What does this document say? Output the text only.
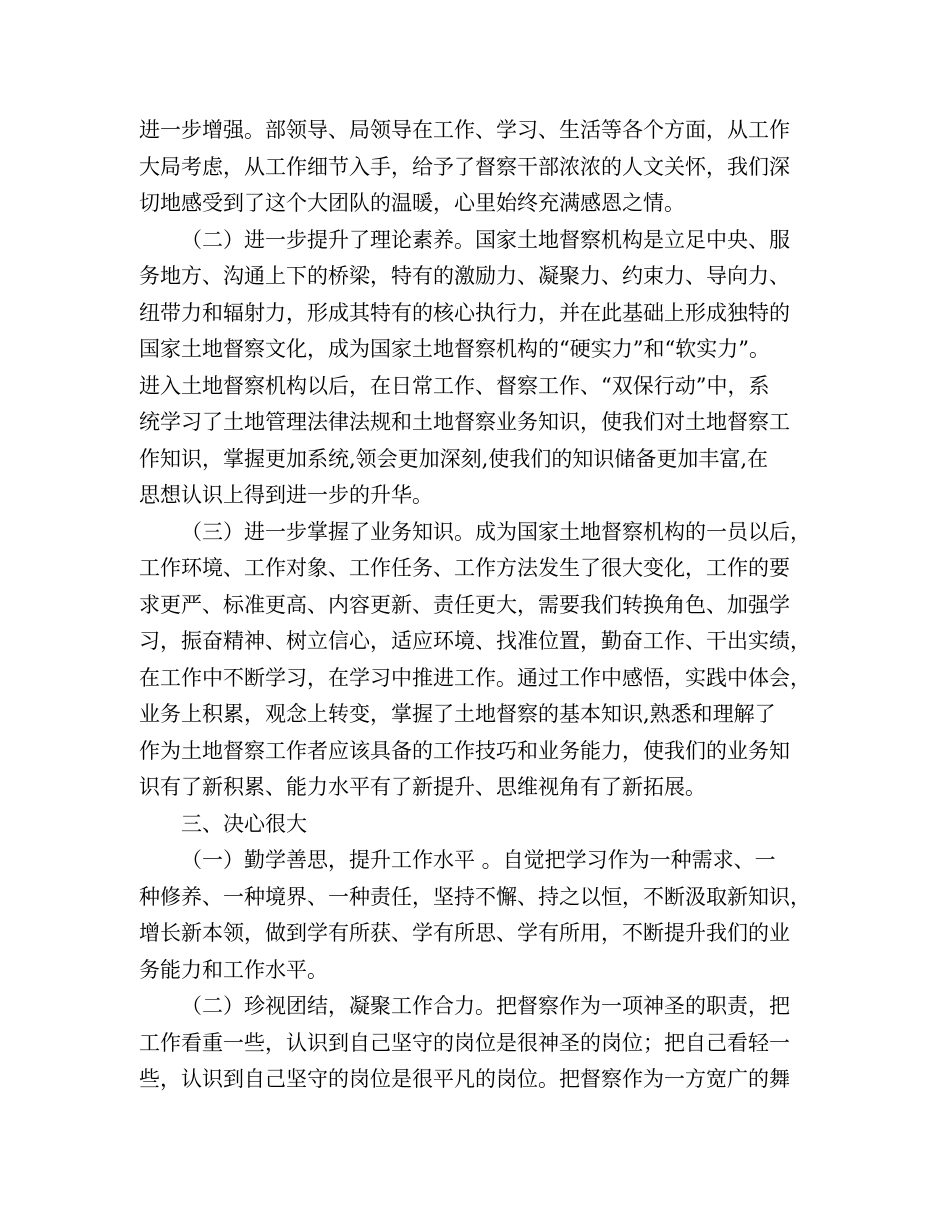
进一步增强。部领导、局领导在工作、学习、生活等各个方面，从工作
大局考虑，从工作细节入手，给予了督察干部浓浓的人文关怀，我们深
切地感受到了这个大团队的温暖，心里始终充满感恩之情。
（二）进一步提升了理论素养。国家土地督察机构是立足中央、服
务地方、沟通上下的桥梁，特有的激励力、凝聚力、约束力、导向力、
纽带力和辐射力，形成其特有的核心执行力，并在此基础上形成独特的
国家土地督察文化，成为国家土地督察机构的“硬实力”和“软实力”。
进入土地督察机构以后，在日常工作、督察工作、“双保行动”中，系
统学习了土地管理法律法规和土地督察业务知识，使我们对土地督察工
作知识，掌握更加系统,领会更加深刻,使我们的知识储备更加丰富,在
思想认识上得到进一步的升华。
（三）进一步掌握了业务知识。成为国家土地督察机构的一员以后，
工作环境、工作对象、工作任务、工作方法发生了很大变化，工作的要
求更严、标准更高、内容更新、责任更大，需要我们转换角色、加强学
习，振奋精神、树立信心，适应环境、找准位置，勤奋工作、干出实绩，
在工作中不断学习，在学习中推进工作。通过工作中感悟，实践中体会，
业务上积累，观念上转变，掌握了土地督察的基本知识,熟悉和理解了
作为土地督察工作者应该具备的工作技巧和业务能力，使我们的业务知
识有了新积累、能力水平有了新提升、思维视角有了新拓展。
三、决心很大
（一）勤学善思，提升工作水平 。自觉把学习作为一种需求、一
种修养、一种境界、一种责任，坚持不懈、持之以恒，不断汲取新知识，
增长新本领，做到学有所获、学有所思、学有所用，不断提升我们的业
务能力和工作水平。
（二）珍视团结，凝聚工作合力。把督察作为一项神圣的职责，把
工作看重一些，认识到自己坚守的岗位是很神圣的岗位；把自己看轻一
些，认识到自己坚守的岗位是很平凡的岗位。把督察作为一方宽广的舞
